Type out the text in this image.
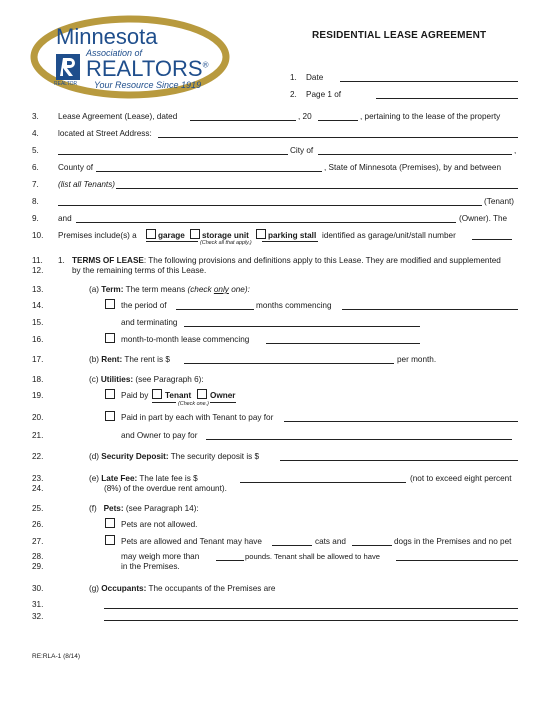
Minnesota
Association of
REALTORS®
Your Resource Since 1919
REALTOR
RESIDENTIAL LEASE AGREEMENT
1. Date
2. Page 1 of
3. Lease Agreement (Lease), dated	, 20	, pertaining to the lease of the property
4. located at Street Address:
5.	City of	,
6. County of	, State of Minnesota (Premises), by and between
7. (list all Tenants)
8.	(Tenant)
9. and	(Owner). The
10. Premises include(s) a	garage storage unit parking stall identified as garage/unit/stall number
(Check all that apply.)
11.
12.
1. TERMS OF LEASE: The following provisions and definitions apply to this Lease. They are modified and supplemented
by the remaining terms of this Lease.
13.	(a) Term: The term means (check only one):
14.	the period of	months commencing
15.	and terminating
16.	month-to-month lease commencing
17.	(b) Rent: The rent is $	per month.
18.	(c) Utilities: (see Paragraph 6):
19.	Paid by Tenant Owner
(Check one.)
20.	Paid in part by each with Tenant to pay for
21.	and Owner to pay for
22.	(d) Security Deposit: The security deposit is $
23.
24.
(e) Late Fee: The late fee is $	(not to exceed eight percent
(8%) of the overdue rent amount).
25.	(f) Pets: (see Paragraph 14):
26.	Pets are not allowed.
27.	Pets are allowed and Tenant may have	cats and	dogs in the Premises and no pet
28.
29.
may weigh more than	pounds. Tenant shall be allowed to have
in the Premises.
30.	(g) Occupants: The occupants of the Premises are
31.
32.
RE:RLA-1 (8/14)
